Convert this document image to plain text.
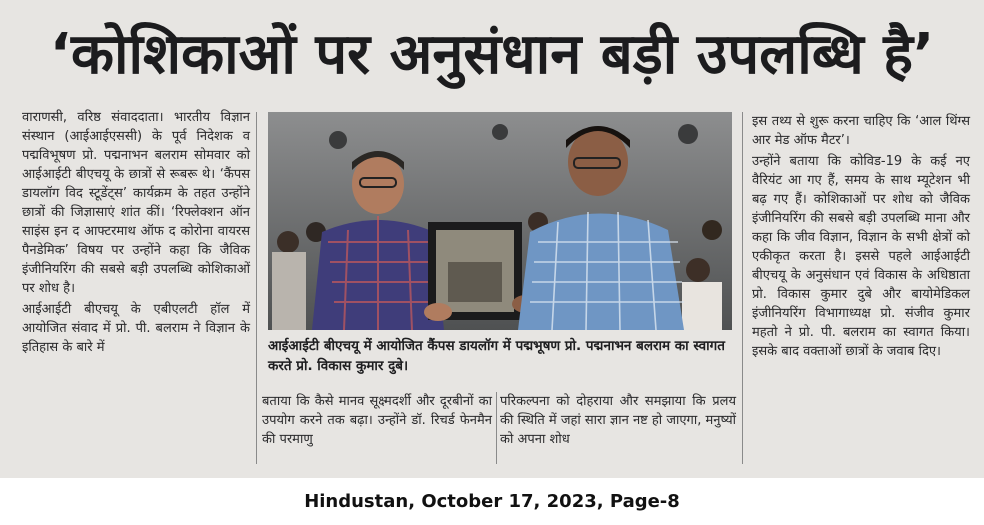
‘कोशिकाओं पर अनुसंधान बड़ी उपलब्धि है’

वाराणसी, वरिष्ठ संवाददाता। भारतीय विज्ञान संस्थान (आईआईएससी) के पूर्व निदेशक व पद्मविभूषण प्रो. पद्मनाभन बलराम सोमवार को आईआईटी बीएचयू के छात्रों से रूबरू थे। ‘कैंपस डायलॉग विद स्टूडेंट्स’ कार्यक्रम के तहत उन्होंने छात्रों की जिज्ञासाएं शांत कीं। ‘रिफ्लेक्शन ऑन साइंस इन द आफ्टरमाथ ऑफ द कोरोना वायरस पैनडेमिक’ विषय पर उन्होंने कहा कि जैविक इंजीनियरिंग की सबसे बड़ी उपलब्धि कोशिकाओं पर शोध है।

आईआईटी बीएचयू के एबीएलटी हॉल में आयोजित संवाद में प्रो. पी. बलराम ने विज्ञान के इतिहास के बारे में	आईआईटी बीएचयू में आयोजित कैंपस डायलॉग में पद्मभूषण प्रो. पद्मनाभन बलराम का स्वागत करते प्रो. विकास कुमार दुबे।

बताया कि कैसे मानव सूक्ष्मदर्शी और दूरबीनों का उपयोग करने तक बढ़ा। उन्होंने डॉ. रिचर्ड फेनमैन की परमाणु

परिकल्पना को दोहराया और समझाया कि प्रलय की स्थिति में जहां सारा ज्ञान नष्ट हो जाएगा, मनुष्यों को अपना शोध

इस तथ्य से शुरू करना चाहिए कि ‘आल थिंग्स आर मेड ऑफ मैटर’।

उन्होंने बताया कि कोविड-19 के कई नए वैरियंट आ गए हैं, समय के साथ म्यूटेशन भी बढ़ गए हैं। कोशिकाओं पर शोध को जैविक इंजीनियरिंग की सबसे बड़ी उपलब्धि माना और कहा कि जीव विज्ञान, विज्ञान के सभी क्षेत्रों को एकीकृत करता है। इससे पहले आईआईटी बीएचयू के अनुसंधान एवं विकास के अधिष्ठाता प्रो. विकास कुमार दुबे और बायोमेडिकल इंजीनियरिंग विभागाध्यक्ष प्रो. संजीव कुमार महतो ने प्रो. पी. बलराम का स्वागत किया। इसके बाद वक्ताओं छात्रों के जवाब दिए।

Hindustan, October 17, 2023, Page-8
